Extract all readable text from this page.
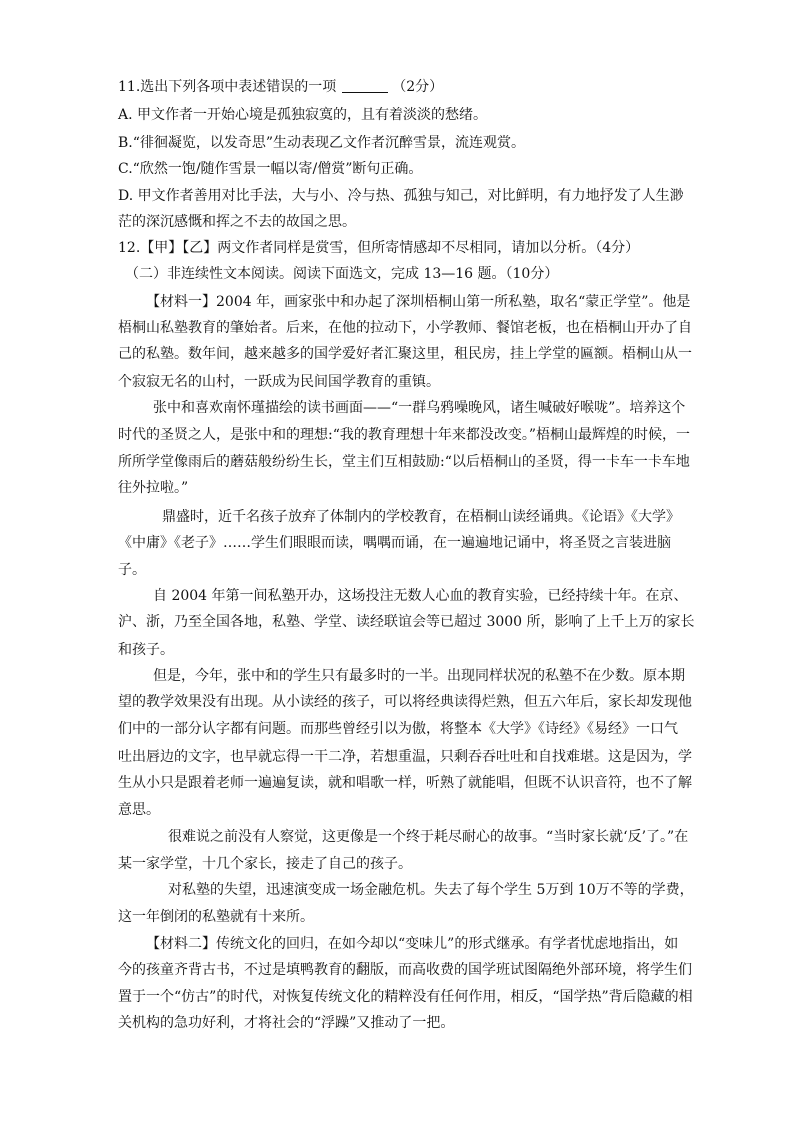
11.选出下列各项中表述错误的一项	（2分）
A. 甲文作者一开始心境是孤独寂寞的，且有着淡淡的愁绪。
B.“徘徊凝览，以发奇思”生动表现乙文作者沉醉雪景，流连观赏。
C.“欣然一饱/随作雪景一幅以寄/僧赏”断句正确。
D. 甲文作者善用对比手法，大与小、冷与热、孤独与知己，对比鲜明，有力地抒发了人生渺
茫的深沉感慨和挥之不去的故国之思。
12.【甲】【乙】两文作者同样是赏雪，但所寄情感却不尽相同，请加以分析。（4分）
（二）非连续性文本阅读。阅读下面选文，完成 13—16 题。（10分）
【材料一】2004 年，画家张中和办起了深圳梧桐山第一所私塾，取名“蒙正学堂”。他是
梧桐山私塾教育的肇始者。后来，在他的拉动下，小学教师、餐馆老板，也在梧桐山开办了自
己的私塾。数年间，越来越多的国学爱好者汇聚这里，租民房，挂上学堂的匾额。梧桐山从一
个寂寂无名的山村，一跃成为民间国学教育的重镇。
张中和喜欢南怀瑾描绘的读书画面——“一群乌鸦噪晚风，诸生喊破好喉咙”。培养这个
时代的圣贤之人，是张中和的理想:“我的教育理想十年来都没改变。”梧桐山最辉煌的时候，一
所所学堂像雨后的蘑菇般纷纷生长，堂主们互相鼓励:“以后梧桐山的圣贤，得一卡车一卡车地
往外拉啦。”
鼎盛时，近千名孩子放弃了体制内的学校教育，在梧桐山读经诵典。《论语》《大学》
《中庸》《老子》……学生们眼眼而读，喁喁而诵，在一遍遍地记诵中，将圣贤之言装进脑
子。
自 2004 年第一间私塾开办，这场投注无数人心血的教育实验，已经持续十年。在京、
沪、浙，乃至全国各地，私塾、学堂、读经联谊会等已超过 3000 所，影响了上千上万的家长
和孩子。
但是，今年，张中和的学生只有最多时的一半。出现同样状况的私塾不在少数。原本期
望的教学效果没有出现。从小读经的孩子，可以将经典读得烂熟，但五六年后，家长却发现他
们中的一部分认字都有问题。而那些曾经引以为傲，将整本《大学》《诗经》《易经》一口气
吐出唇边的文字，也早就忘得一干二净，若想重温，只剩吞吞吐吐和自找难堪。这是因为，学
生从小只是跟着老师一遍遍复读，就和唱歌一样，听熟了就能唱，但既不认识音符，也不了解
意思。
很难说之前没有人察觉，这更像是一个终于耗尽耐心的故事。“当时家长就‘反’了。”在
某一家学堂，十几个家长，接走了自己的孩子。
对私塾的失望，迅速演变成一场金融危机。失去了每个学生 5万到 10万不等的学费，
这一年倒闭的私塾就有十来所。
【材料二】传统文化的回归，在如今却以“变味儿”的形式继承。有学者忧虑地指出，如
今的孩童齐背古书，不过是填鸭教育的翻版，而高收费的国学班试图隔绝外部环境，将学生们
置于一个“仿古”的时代，对恢复传统文化的精粹没有任何作用，相反，“国学热”背后隐藏的相
关机构的急功好利，才将社会的“浮躁”又推动了一把。
